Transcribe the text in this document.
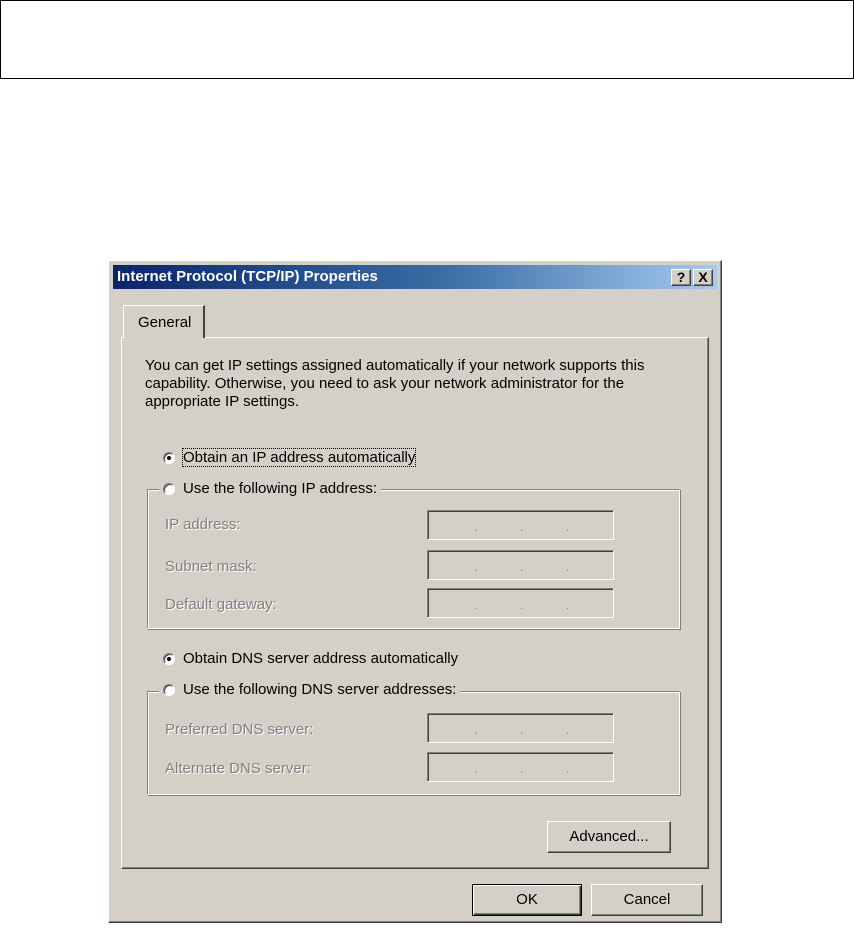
Internet Protocol (TCP/IP) Properties	? X
General
You can get IP settings assigned automatically if your network supports this capability. Otherwise, you need to ask your network administrator for the appropriate IP settings.
Obtain an IP address automatically
Use the following IP address:
IP address:	.	.	.
Subnet mask:	.	.	.
Default gateway:	.	.	.
Obtain DNS server address automatically
Use the following DNS server addresses:
Preferred DNS server:	.	.	.
Alternate DNS server:	.	.	.
Advanced...
OK	Cancel
